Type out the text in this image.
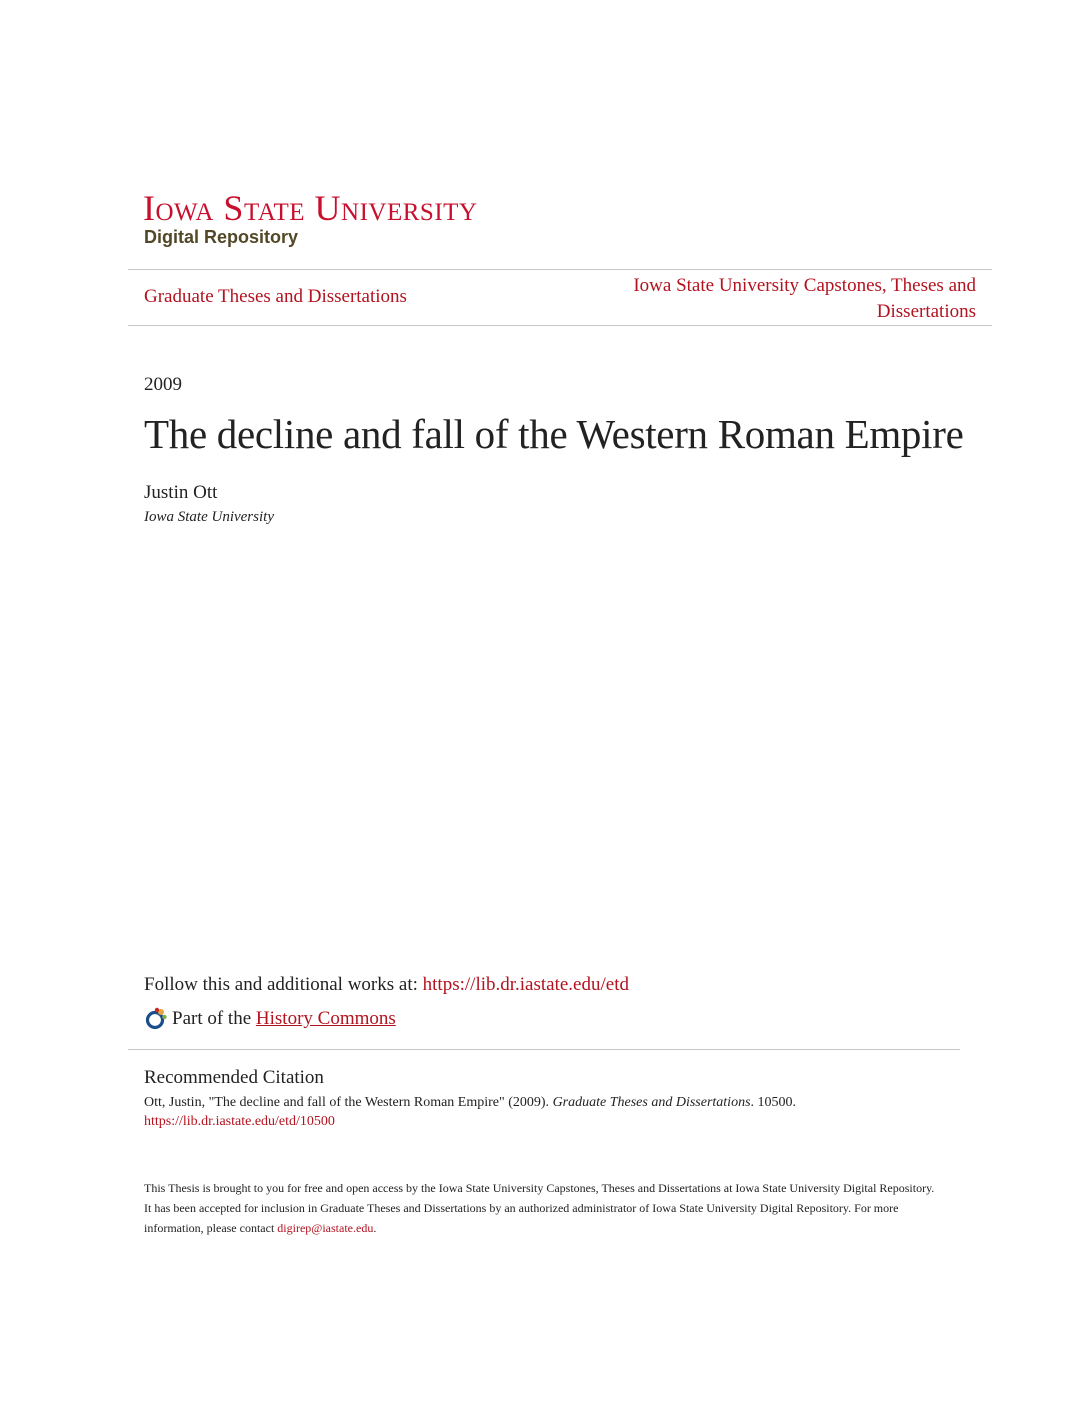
Iowa State University
Digital Repository
Graduate Theses and Dissertations
Iowa State University Capstones, Theses and Dissertations
2009
The decline and fall of the Western Roman Empire
Justin Ott
Iowa State University
Follow this and additional works at: https://lib.dr.iastate.edu/etd
Part of the
History Commons
Recommended Citation
Ott, Justin, "The decline and fall of the Western Roman Empire" (2009). Graduate Theses and Dissertations. 10500.
https://lib.dr.iastate.edu/etd/10500
This Thesis is brought to you for free and open access by the Iowa State University Capstones, Theses and Dissertations at Iowa State University Digital Repository. It has been accepted for inclusion in Graduate Theses and Dissertations by an authorized administrator of Iowa State University Digital Repository. For more information, please contact digirep@iastate.edu.
